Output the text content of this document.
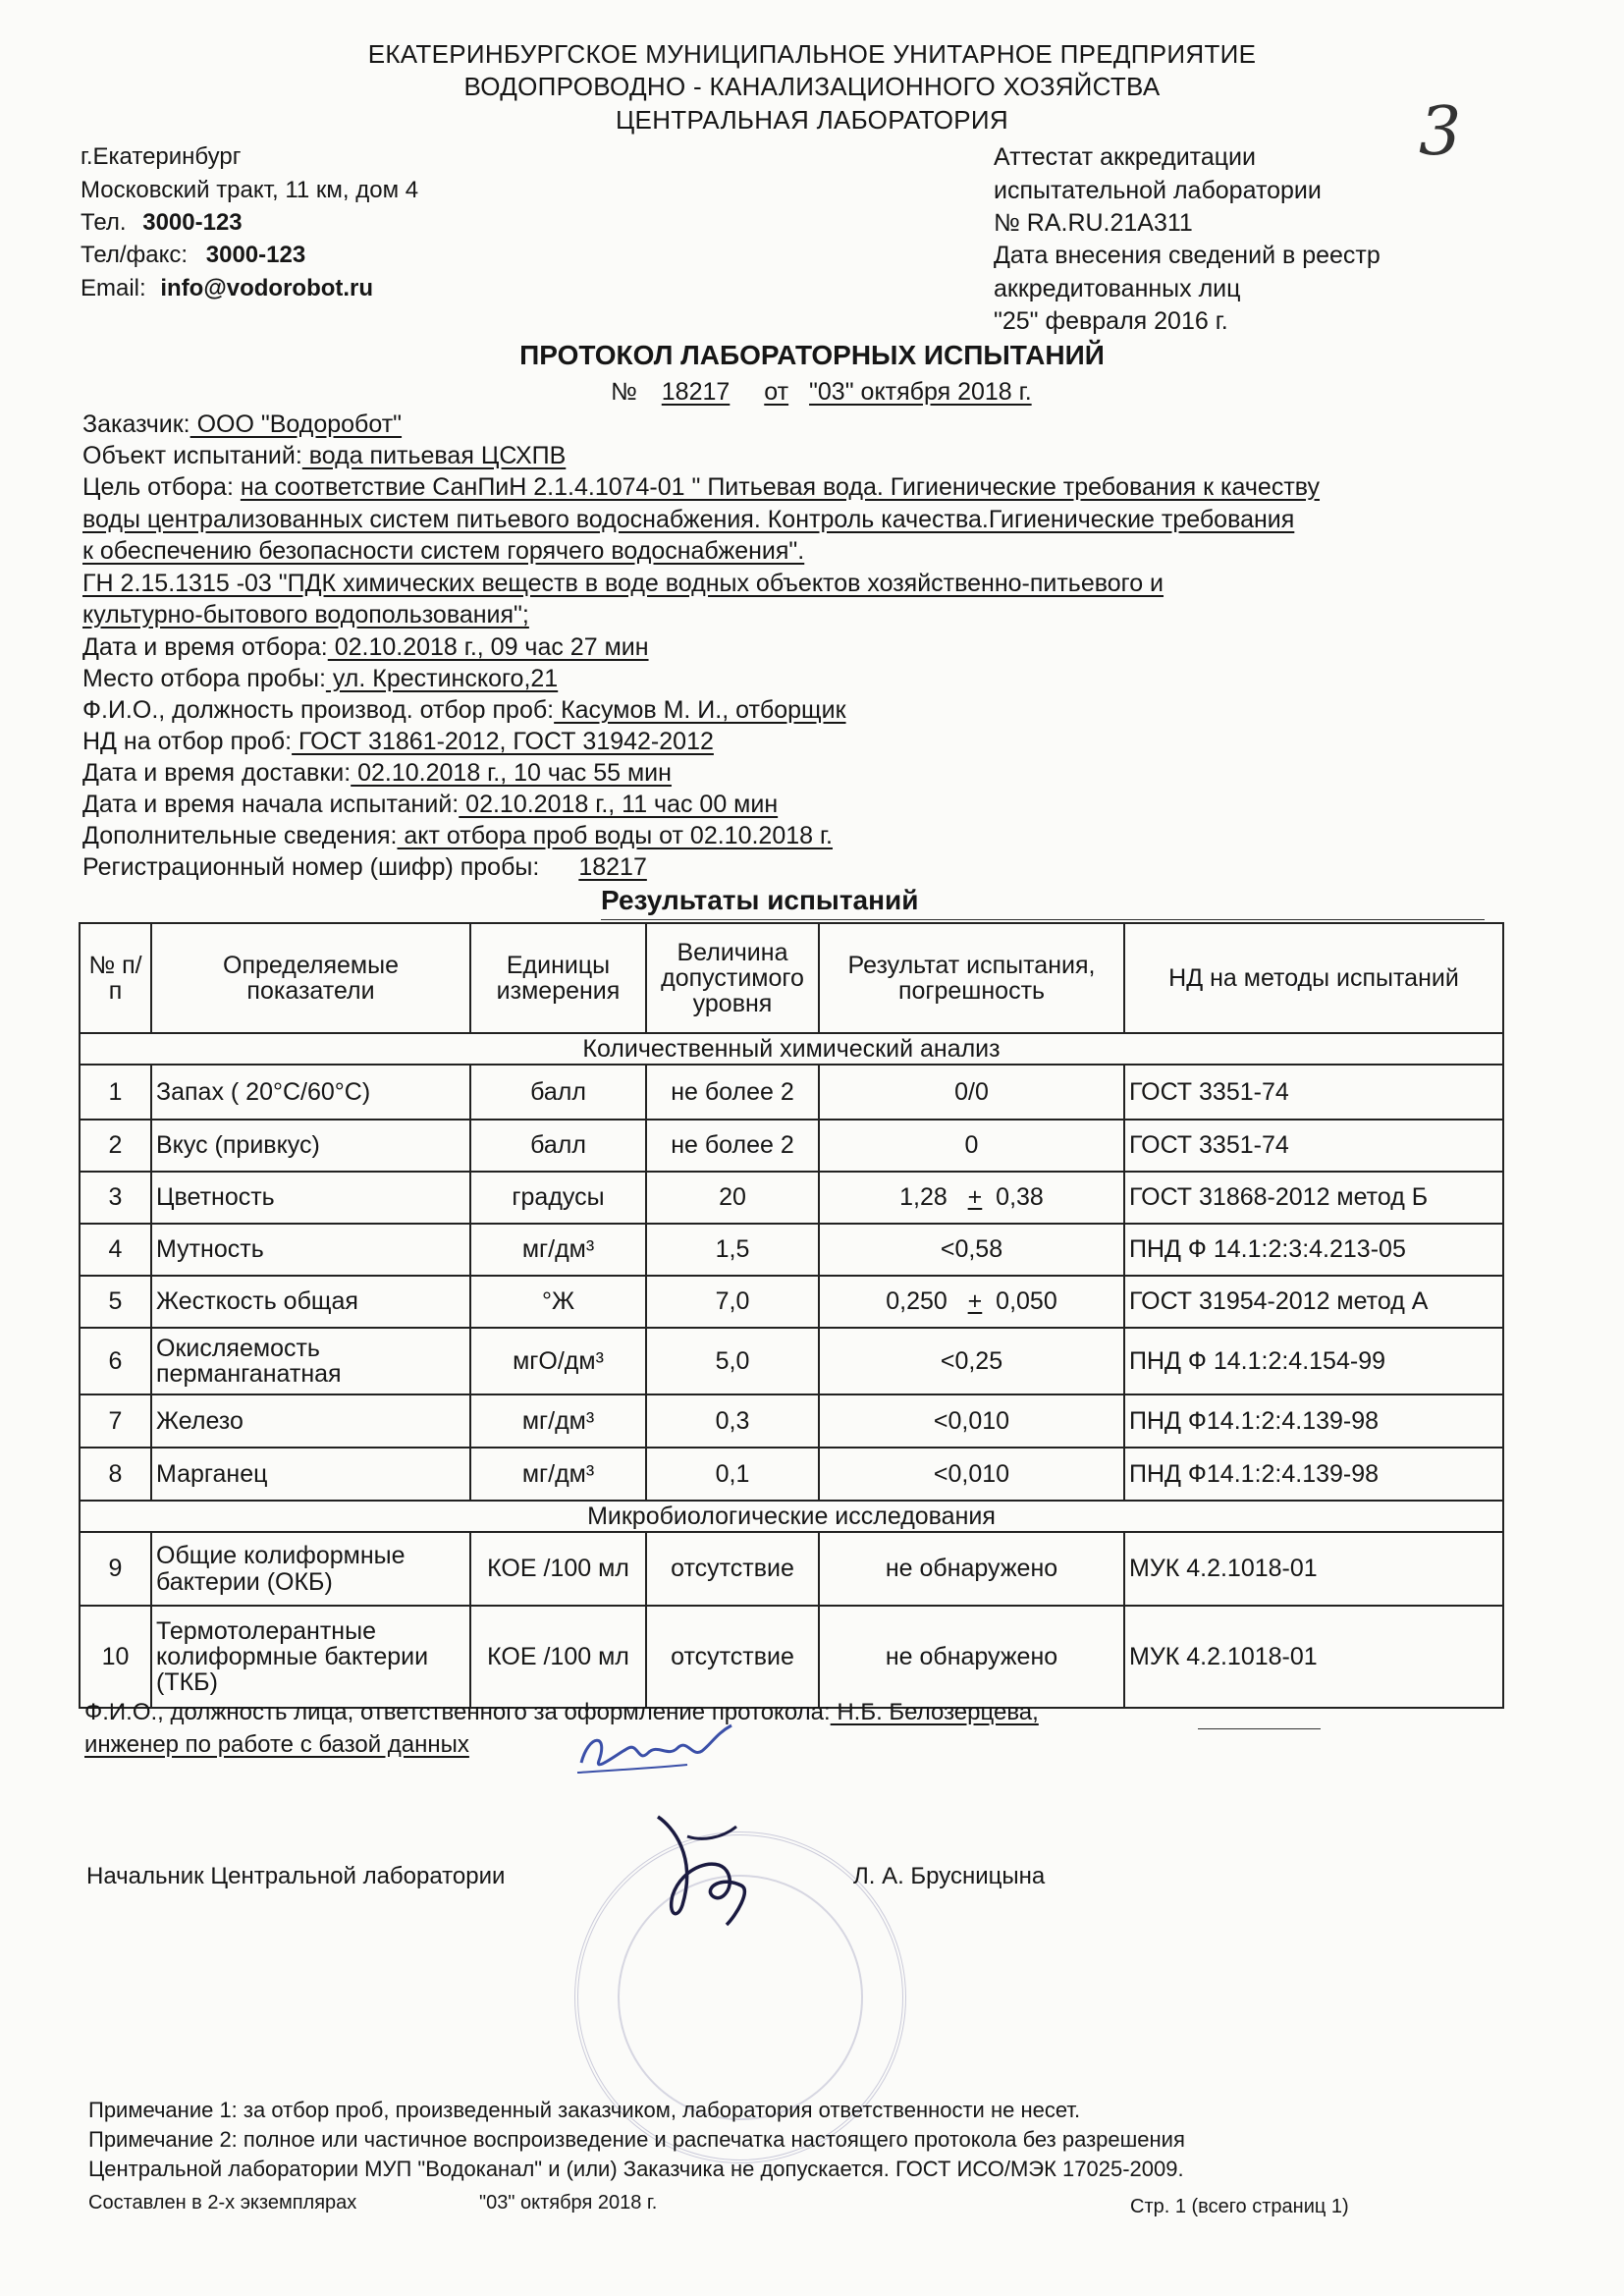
ЕКАТЕРИНБУРГСКОЕ МУНИЦИПАЛЬНОЕ УНИТАРНОЕ ПРЕДПРИЯТИЕ
ВОДОПРОВОДНО - КАНАЛИЗАЦИОННОГО ХОЗЯЙСТВА
ЦЕНТРАЛЬНАЯ ЛАБОРАТОРИЯ	3
г.Екатеринбург
Московский тракт, 11 км, дом 4
Тел. 3000-123
Тел/факс: 3000-123
Email: info@vodorobot.ru
Аттестат аккредитации
испытательной лаборатории
№ RA.RU.21A311
Дата внесения сведений в реестр
аккредитованных лиц
"25" февраля 2016 г.
ПРОТОКОЛ ЛАБОРАТОРНЫХ ИСПЫТАНИЙ
№ 18217 от "03" октября 2018 г.
Заказчик: ООО "Водоробот"
Объект испытаний: вода питьевая ЦСХПВ
Цель отбора: на соответствие СанПиН 2.1.4.1074-01 " Питьевая вода. Гигиенические требования к качеству
воды централизованных систем питьевого водоснабжения. Контроль качества.Гигиенические требования
к обеспечению безопасности систем горячего водоснабжения".
ГН 2.15.1315 -03 "ПДК химических веществ в воде водных объектов хозяйственно-питьевого и
культурно-бытового водопользования";
Дата и время отбора: 02.10.2018 г., 09 час 27 мин
Место отбора пробы: ул. Крестинского,21
Ф.И.О., должность производ. отбор проб: Касумов М. И., отборщик
НД на отбор проб: ГОСТ 31861-2012, ГОСТ 31942-2012
Дата и время доставки: 02.10.2018 г., 10 час 55 мин
Дата и время начала испытаний: 02.10.2018 г., 11 час 00 мин
Дополнительные сведения: акт отбора проб воды от 02.10.2018 г.
Регистрационный номер (шифр) пробы: 18217
Результаты испытаний
№ п/п	Определяемые показатели	Единицы измерения	Величина допустимого уровня	Результат испытания, погрешность	НД на методы испытаний
Количественный химический анализ					
1	Запах ( 20°С/60°С)	балл	не более 2	0/0	ГОСТ 3351-74
2	Вкус (привкус)	балл	не более 2	0	ГОСТ 3351-74
3	Цветность	градусы	20	1,28 + 0,38	ГОСТ 31868-2012 метод Б
4	Мутность	мг/дм³	1,5	<0,58	ПНД Ф 14.1:2:3:4.213-05
5	Жесткость общая	°Ж	7,0	0,250 + 0,050	ГОСТ 31954-2012 метод А
6	Окисляемость перманганатная	мгО/дм³	5,0	<0,25	ПНД Ф 14.1:2:4.154-99
7	Железо	мг/дм³	0,3	<0,010	ПНД Ф14.1:2:4.139-98
8	Марганец	мг/дм³	0,1	<0,010	ПНД Ф14.1:2:4.139-98
Микробиологические исследования					
9	Общие колиформные бактерии (ОКБ)	КОЕ /100 мл	отсутствие	не обнаружено	МУК 4.2.1018-01
10	Термотолерантные колиформные бактерии (ТКБ)	КОЕ /100 мл	отсутствие	не обнаружено	МУК 4.2.1018-01
Ф.И.О., должность лица, ответственного за оформление протокола: Н.Б. Белозерцева,
инженер по работе с базой данных
Начальник Центральной лаборатории	Л. А. Брусницына
Примечание 1: за отбор проб, произведенный заказчиком, лаборатория ответственности не несет.
Примечание 2: полное или частичное воспроизведение и распечатка настоящего протокола без разрешения
Центральной лаборатории МУП "Водоканал" и (или) Заказчика не допускается. ГОСТ ИСО/МЭК 17025-2009.
Составлен в 2-х экземплярах	"03" октября 2018 г.	Стр. 1 (всего страниц 1)
